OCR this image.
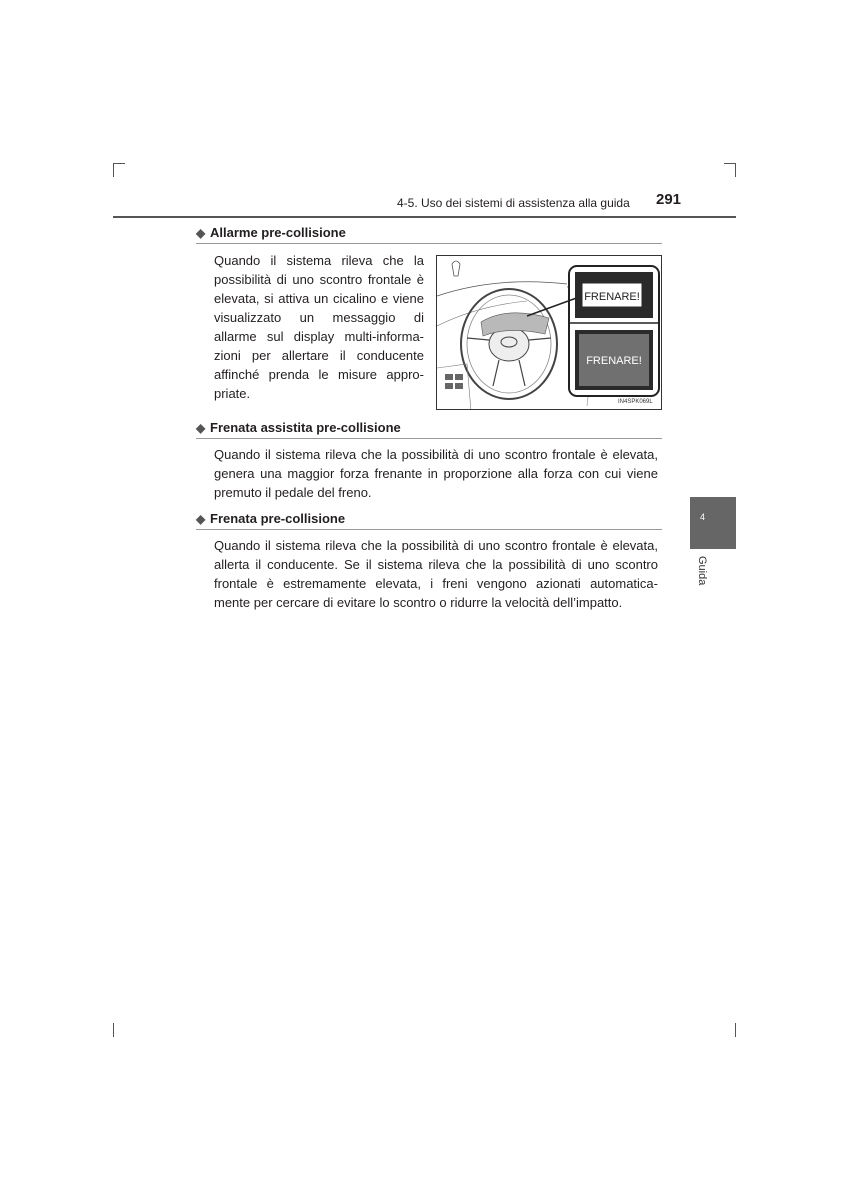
4-5. Uso dei sistemi di assistenza alla guida 291
◆ Allarme pre-collisione
Quando il sistema rileva che la
possibilità di uno scontro frontale è
elevata, si attiva un cicalino e viene
visualizzato un messaggio di
allarme sul display multi-informa-
zioni per allertare il conducente
affinché prenda le misure appro-
priate.
FRENARE!
FRENARE!
IN4SPK069L
◆ Frenata assistita pre-collisione
Quando il sistema rileva che la possibilità di uno scontro frontale è elevata,
genera una maggior forza frenante in proporzione alla forza con cui viene
premuto il pedale del freno.
◆ Frenata pre-collisione
Quando il sistema rileva che la possibilità di uno scontro frontale è elevata,
allerta il conducente. Se il sistema rileva che la possibilità di uno scontro
frontale è estremamente elevata, i freni vengono azionati automatica-
mente per cercare di evitare lo scontro o ridurre la velocità dell’impatto.
4
Guida
